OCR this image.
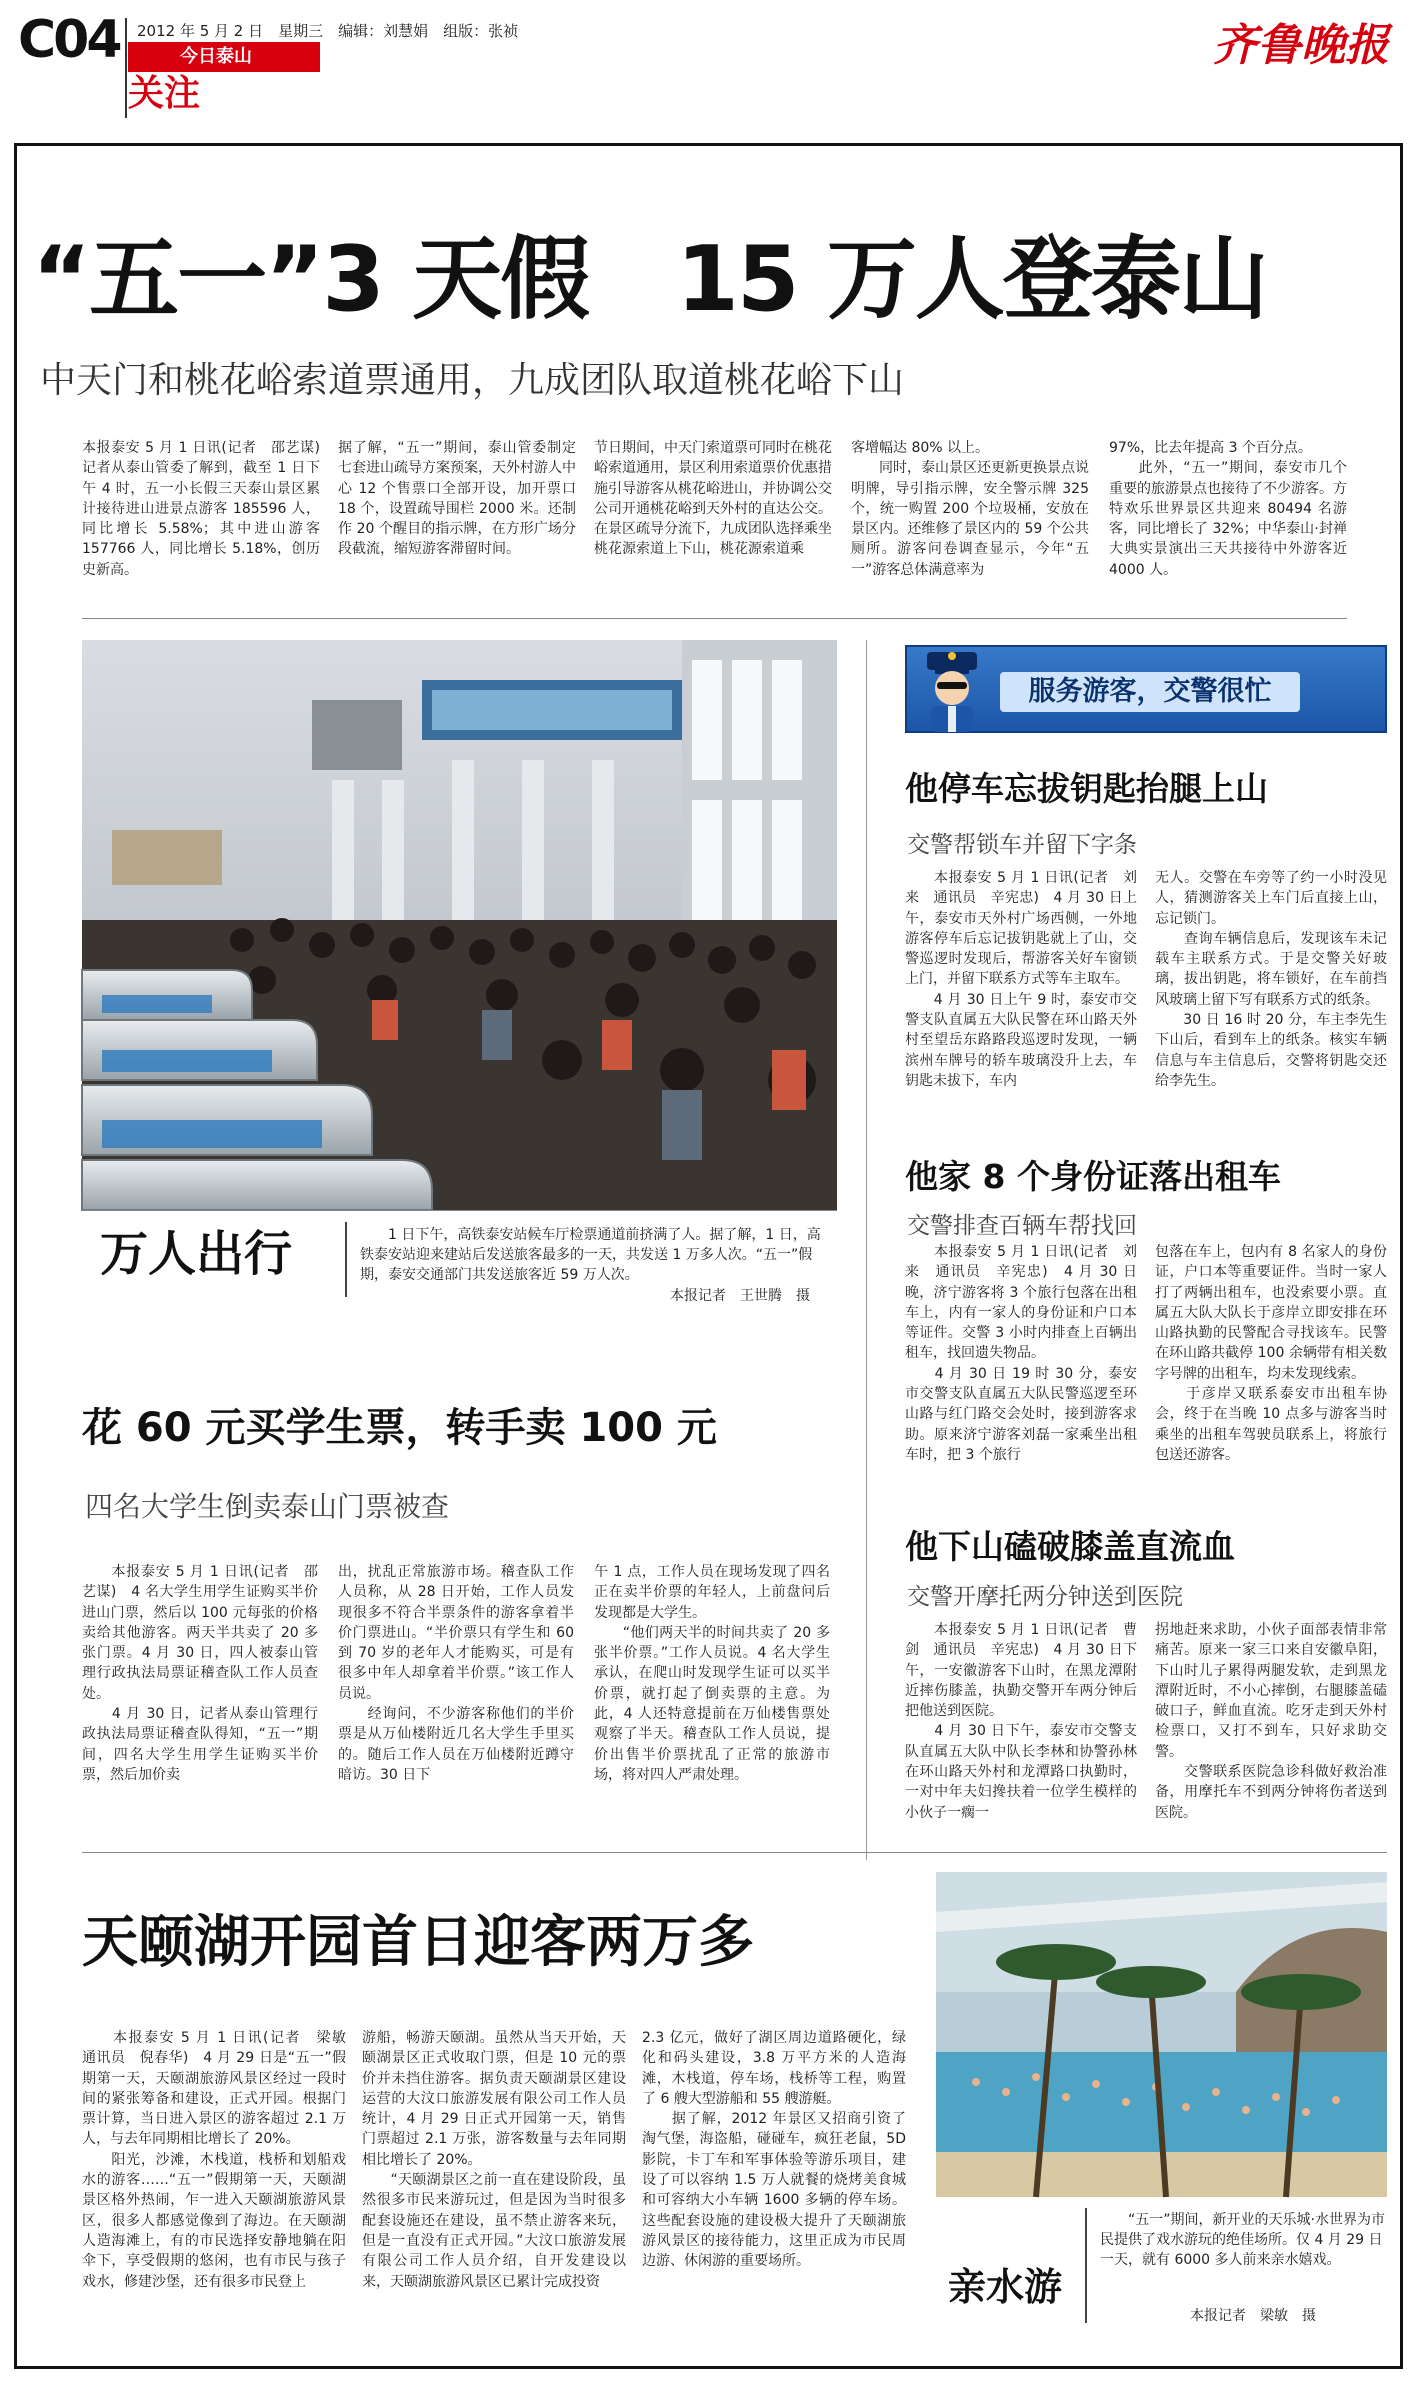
C04 2012 年 5 月 2 日　星期三　编辑：刘慧娟　组版：张祯
今日泰山
关注
齐鲁晚报
“五一”3 天假　15 万人登泰山
中天门和桃花峪索道票通用，九成团队取道桃花峪下山
本报泰安 5 月 1 日讯(记者　邵艺谋)　记者从泰山管委了解到，截至 1 日下午 4 时，五一小长假三天泰山景区累计接待进山进景点游客 185596 人，同比增长 5.58%；其中进山游客 157766 人，同比增长 5.18%，创历史新高。
据了解，“五一”期间，泰山管委制定七套进山疏导方案预案，天外村游人中心 12 个售票口全部开设，加开票口 18 个，设置疏导围栏 2000 米。还制作 20 个醒目的指示牌，在方形广场分段截流，缩短游客滞留时间。
节日期间，中天门索道票可同时在桃花峪索道通用，景区利用索道票价优惠措施引导游客从桃花峪进山，并协调公交公司开通桃花峪到天外村的直达公交。在景区疏导分流下，九成团队选择乘坐桃花源索道上下山，桃花源索道乘
客增幅达 80% 以上。
　　同时，泰山景区还更新更换景点说明牌，导引指示牌，安全警示牌 325 个，统一购置 200 个垃圾桶，安放在景区内。还维修了景区内的 59 个公共厕所。游客问卷调查显示，今年“五一”游客总体满意率为
97%，比去年提高 3 个百分点。
　　此外，“五一”期间，泰安市几个重要的旅游景点也接待了不少游客。方特欢乐世界景区共迎来 80494 名游客，同比增长了 32%；中华泰山·封禅大典实景演出三天共接待中外游客近 4000 人。
万人出行	　　1 日下午，高铁泰安站候车厅检票通道前挤满了人。据了解，1 日，高铁泰安站迎来建站后发送旅客最多的一天，共发送 1 万多人次。“五一”假期，泰安交通部门共发送旅客近 59 万人次。
本报记者　王世腾　摄
花 60 元买学生票，转手卖 100 元
四名大学生倒卖泰山门票被查
　　本报泰安 5 月 1 日讯(记者　邵艺谋)　4 名大学生用学生证购买半价进山门票，然后以 100 元每张的价格卖给其他游客。两天半共卖了 20 多张门票。4 月 30 日，四人被泰山管理行政执法局票证稽查队工作人员查处。
　　4 月 30 日，记者从泰山管理行政执法局票证稽查队得知，“五一”期间，四名大学生用学生证购买半价票，然后加价卖
出，扰乱正常旅游市场。稽查队工作人员称，从 28 日开始，工作人员发现很多不符合半票条件的游客拿着半价门票进山。“半价票只有学生和 60 到 70 岁的老年人才能购买，可是有很多中年人却拿着半价票。”该工作人员说。
　　经询问，不少游客称他们的半价票是从万仙楼附近几名大学生手里买的。随后工作人员在万仙楼附近蹲守暗访。30 日下
午 1 点，工作人员在现场发现了四名正在卖半价票的年轻人，上前盘问后发现都是大学生。
　　“他们两天半的时间共卖了 20 多张半价票。”工作人员说。4 名大学生承认，在爬山时发现学生证可以买半价票，就打起了倒卖票的主意。为此，4 人还特意提前在万仙楼售票处观察了半天。稽查队工作人员说，提价出售半价票扰乱了正常的旅游市场，将对四人严肃处理。
服务游客，交警很忙
他停车忘拔钥匙抬腿上山
交警帮锁车并留下字条
　　本报泰安 5 月 1 日讯(记者　刘来　通讯员　辛宪忠)　4 月 30 日上午，泰安市天外村广场西侧，一外地游客停车后忘记拔钥匙就上了山，交警巡逻时发现后，帮游客关好车窗锁上门，并留下联系方式等车主取车。
　　4 月 30 日上午 9 时，泰安市交警支队直属五大队民警在环山路天外村至望岳东路路段巡逻时发现，一辆滨州车牌号的轿车玻璃没升上去，车钥匙未拔下，车内
无人。交警在车旁等了约一小时没见人，猜测游客关上车门后直接上山，忘记锁门。
　　查询车辆信息后，发现该车未记载车主联系方式。于是交警关好玻璃，拔出钥匙，将车锁好，在车前挡风玻璃上留下写有联系方式的纸条。
　　30 日 16 时 20 分，车主李先生下山后，看到车上的纸条。核实车辆信息与车主信息后，交警将钥匙交还给李先生。
他家 8 个身份证落出租车
交警排查百辆车帮找回
　　本报泰安 5 月 1 日讯(记者　刘来　通讯员　辛宪忠)　4 月 30 日晚，济宁游客将 3 个旅行包落在出租车上，内有一家人的身份证和户口本等证件。交警 3 小时内排查上百辆出租车，找回遗失物品。
　　4 月 30 日 19 时 30 分，泰安市交警支队直属五大队民警巡逻至环山路与红门路交会处时，接到游客求助。原来济宁游客刘磊一家乘坐出租车时，把 3 个旅行
包落在车上，包内有 8 名家人的身份证，户口本等重要证件。当时一家人打了两辆出租车，也没索要小票。直属五大队大队长于彦岸立即安排在环山路执勤的民警配合寻找该车。民警在环山路共截停 100 余辆带有相关数字号牌的出租车，均未发现线索。
　　于彦岸又联系泰安市出租车协会，终于在当晚 10 点多与游客当时乘坐的出租车驾驶员联系上，将旅行包送还游客。
他下山磕破膝盖直流血
交警开摩托两分钟送到医院
　　本报泰安 5 月 1 日讯(记者　曹剑　通讯员　辛宪忠)　4 月 30 日下午，一安徽游客下山时，在黑龙潭附近摔伤膝盖，执勤交警开车两分钟后把他送到医院。
　　4 月 30 日下午，泰安市交警支队直属五大队中队长李林和协警孙林在环山路天外村和龙潭路口执勤时，一对中年夫妇搀扶着一位学生模样的小伙子一瘸一
拐地赶来求助，小伙子面部表情非常痛苦。原来一家三口来自安徽阜阳，下山时儿子累得两腿发软，走到黑龙潭附近时，不小心摔倒，右腿膝盖磕破口子，鲜血直流。吃牙走到天外村检票口，又打不到车，只好求助交警。
　　交警联系医院急诊科做好救治准备，用摩托车不到两分钟将伤者送到医院。
天颐湖开园首日迎客两万多
　　本报泰安 5 月 1 日讯(记者　梁敏　通讯员　倪春华)　4 月 29 日是“五一”假期第一天，天颐湖旅游风景区经过一段时间的紧张筹备和建设，正式开园。根据门票计算，当日进入景区的游客超过 2.1 万人，与去年同期相比增长了 20%。
　　阳光，沙滩，木栈道，栈桥和划船戏水的游客……“五一”假期第一天，天颐湖景区格外热闹，乍一进入天颐湖旅游风景区，很多人都感觉像到了海边。在天颐湖人造海滩上，有的市民选择安静地躺在阳伞下，享受假期的悠闲，也有市民与孩子戏水，修建沙堡，还有很多市民登上
游船，畅游天颐湖。虽然从当天开始，天颐湖景区正式收取门票，但是 10 元的票价并未挡住游客。据负责天颐湖景区建设运营的大汶口旅游发展有限公司工作人员统计，4 月 29 日正式开园第一天，销售门票超过 2.1 万张，游客数量与去年同期相比增长了 20%。
　　“天颐湖景区之前一直在建设阶段，虽然很多市民来游玩过，但是因为当时很多配套设施还在建设，虽不禁止游客来玩，但是一直没有正式开园。”大汶口旅游发展有限公司工作人员介绍，自开发建设以来，天颐湖旅游风景区已累计完成投资
2.3 亿元，做好了湖区周边道路硬化，绿化和码头建设，3.8 万平方米的人造海滩，木栈道，停车场，栈桥等工程，购置了 6 艘大型游船和 55 艘游艇。
　　据了解，2012 年景区又招商引资了淘气堡，海盗船，碰碰车，疯狂老鼠，5D 影院，卡丁车和军事体验等游乐项目，建设了可以容纳 1.5 万人就餐的烧烤美食城和可容纳大小车辆 1600 多辆的停车场。这些配套设施的建设极大提升了天颐湖旅游风景区的接待能力，这里正成为市民周边游、休闲游的重要场所。
亲水游
　　“五一”期间，新开业的天乐城·水世界为市民提供了戏水游玩的绝佳场所。仅 4 月 29 日一天，就有 6000 多人前来亲水嬉戏。
本报记者　梁敏　摄
